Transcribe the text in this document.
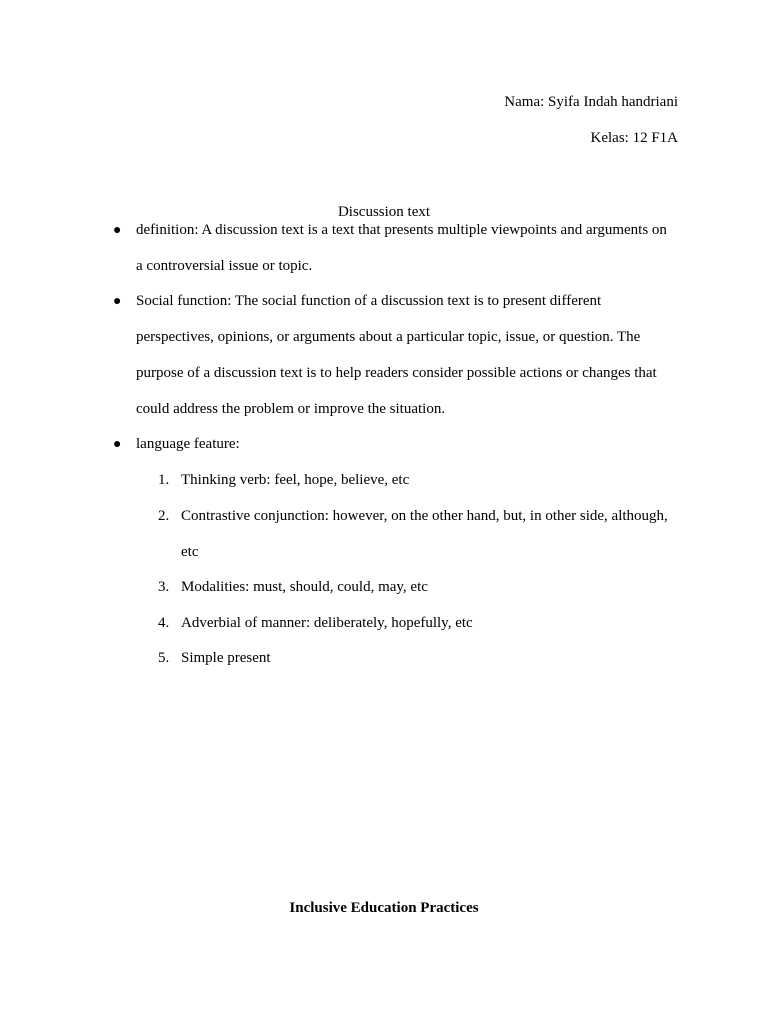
Nama: Syifa Indah handriani
Kelas: 12 F1A
Discussion text
● definition: A discussion text is a text that presents multiple viewpoints and arguments on
a controversial issue or topic.
● Social function: The social function of a discussion text is to present different
perspectives, opinions, or arguments about a particular topic, issue, or question. The
purpose of a discussion text is to help readers consider possible actions or changes that
could address the problem or improve the situation.
● language feature:
1. Thinking verb: feel, hope, believe, etc
2. Contrastive conjunction: however, on the other hand, but, in other side, although,
etc
3. Modalities: must, should, could, may, etc
4. Adverbial of manner: deliberately, hopefully, etc
5. Simple present
Inclusive Education Practices
